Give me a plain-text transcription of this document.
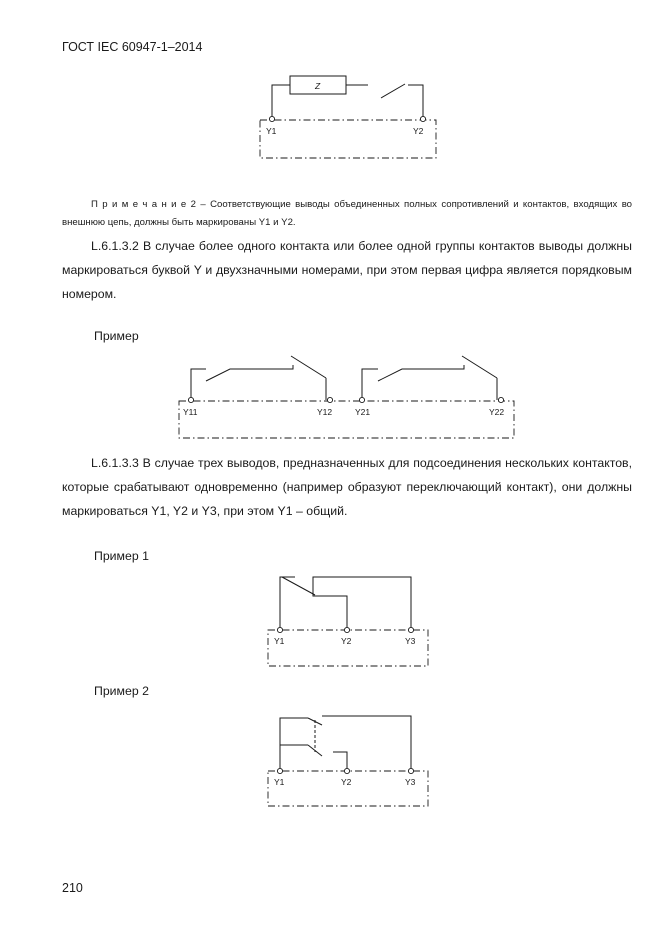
ГОСТ IEC 60947-1–2014
Z
Y1	Y2
Y11	Y12	Y21	Y22
Y1	Y2	Y3
Y1	Y2	Y3
П р и м е ч а н и е 2 – Соответствующие выводы объединенных полных сопротивлений и контактов, входящих во внешнюю цепь, должны быть маркированы Y1 и Y2.
L.6.1.3.2 В случае более одного контакта или более одной группы контактов выводы должны маркироваться буквой Y и двухзначными номерами, при этом первая цифра является порядковым номером.
Пример
L.6.1.3.3 В случае трех выводов, предназначенных для подсоединения нескольких контактов, которые срабатывают одновременно (например образуют переключающий контакт), они должны маркироваться Y1, Y2 и Y3, при этом Y1 – общий.
Пример 1
Пример 2
210
